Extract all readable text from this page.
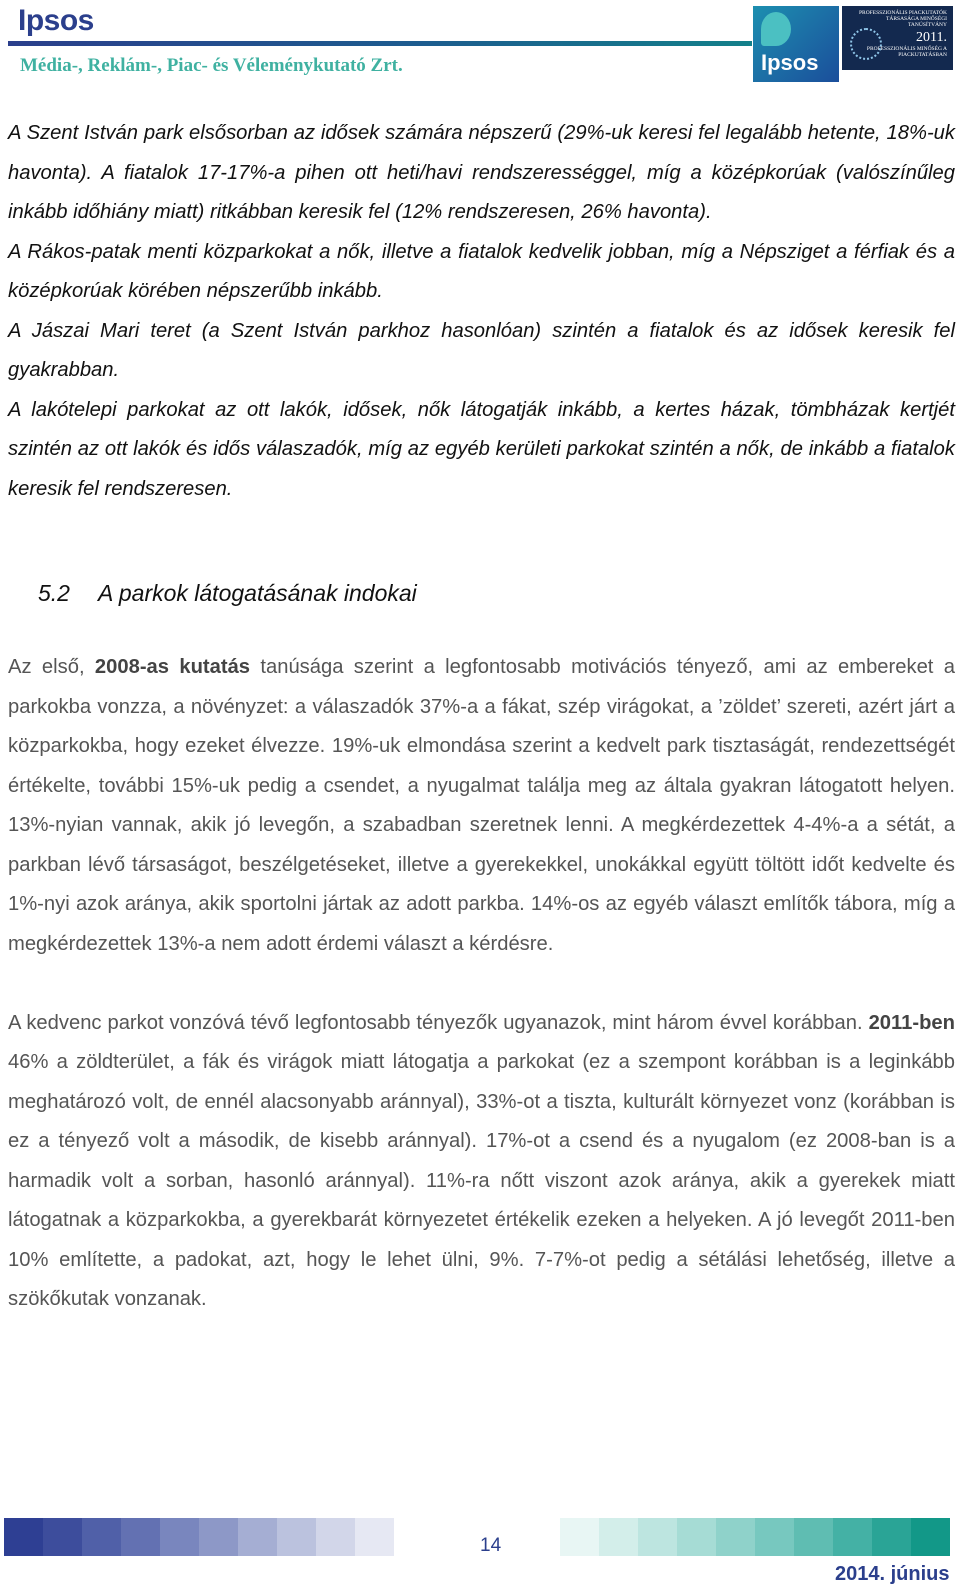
Ipsos
Média-, Reklám-, Piac- és Véleménykutató Zrt.	Ipsos
PROFESSZIONÁLIS PIACKUTATÓK TÁRSASÁGA MINŐSÉGI TANÚSÍTVÁNY
2011.
PROFESSZIONÁLIS MINŐSÉG A PIACKUTATÁSBAN

A Szent István park elsősorban az idősek számára népszerű (29%-uk keresi fel legalább hetente, 18%-uk havonta). A fiatalok 17-17%-a pihen ott heti/havi rendszerességgel, míg a középkorúak (valószínűleg inkább időhiány miatt) ritkábban keresik fel (12% rendszeresen, 26% havonta).

A Rákos-patak menti közparkokat a nők, illetve a fiatalok kedvelik jobban, míg a Népsziget a férfiak és a középkorúak körében népszerűbb inkább.

A Jászai Mari teret (a Szent István parkhoz hasonlóan) szintén a fiatalok és az idősek keresik fel gyakrabban.

A lakótelepi parkokat az ott lakók, idősek, nők látogatják inkább, a kertes házak, tömbházak kertjét szintén az ott lakók és idős válaszadók, míg az egyéb kerületi parkokat szintén a nők, de inkább a fiatalok keresik fel rendszeresen.

5.2 A parkok látogatásának indokai

Az első, 2008-as kutatás tanúsága szerint a legfontosabb motivációs tényező, ami az embereket a parkokba vonzza, a növényzet: a válaszadók 37%-a a fákat, szép virágokat, a ’zöldet’ szereti, azért járt a közparkokba, hogy ezeket élvezze. 19%-uk elmondása szerint a kedvelt park tisztaságát, rendezettségét értékelte, további 15%-uk pedig a csendet, a nyugalmat találja meg az általa gyakran látogatott helyen. 13%-nyian vannak, akik jó levegőn, a szabadban szeretnek lenni. A megkérdezettek 4-4%-a a sétát, a parkban lévő társaságot, beszélgetéseket, illetve a gyerekekkel, unokákkal együtt töltött időt kedvelte és 1%-nyi azok aránya, akik sportolni jártak az adott parkba. 14%-os az egyéb választ említők tábora, míg a megkérdezettek 13%-a nem adott érdemi választ a kérdésre.

A kedvenc parkot vonzóvá tévő legfontosabb tényezők ugyanazok, mint három évvel korábban. 2011-ben 46% a zöldterület, a fák és virágok miatt látogatja a parkokat (ez a szempont korábban is a leginkább meghatározó volt, de ennél alacsonyabb aránnyal), 33%-ot a tiszta, kulturált környezet vonz (korábban is ez a tényező volt a második, de kisebb aránnyal). 17%-ot a csend és a nyugalom (ez 2008-ban is a harmadik volt a sorban, hasonló aránnyal). 11%-ra nőtt viszont azok aránya, akik a gyerekek miatt látogatnak a közparkokba, a gyerekbarát környezetet értékelik ezeken a helyeken. A jó levegőt 2011-ben 10% említette, a padokat, azt, hogy le lehet ülni, 9%. 7-7%-ot pedig a sétálási lehetőség, illetve a szökőkutak vonzanak.

14
2014. június
